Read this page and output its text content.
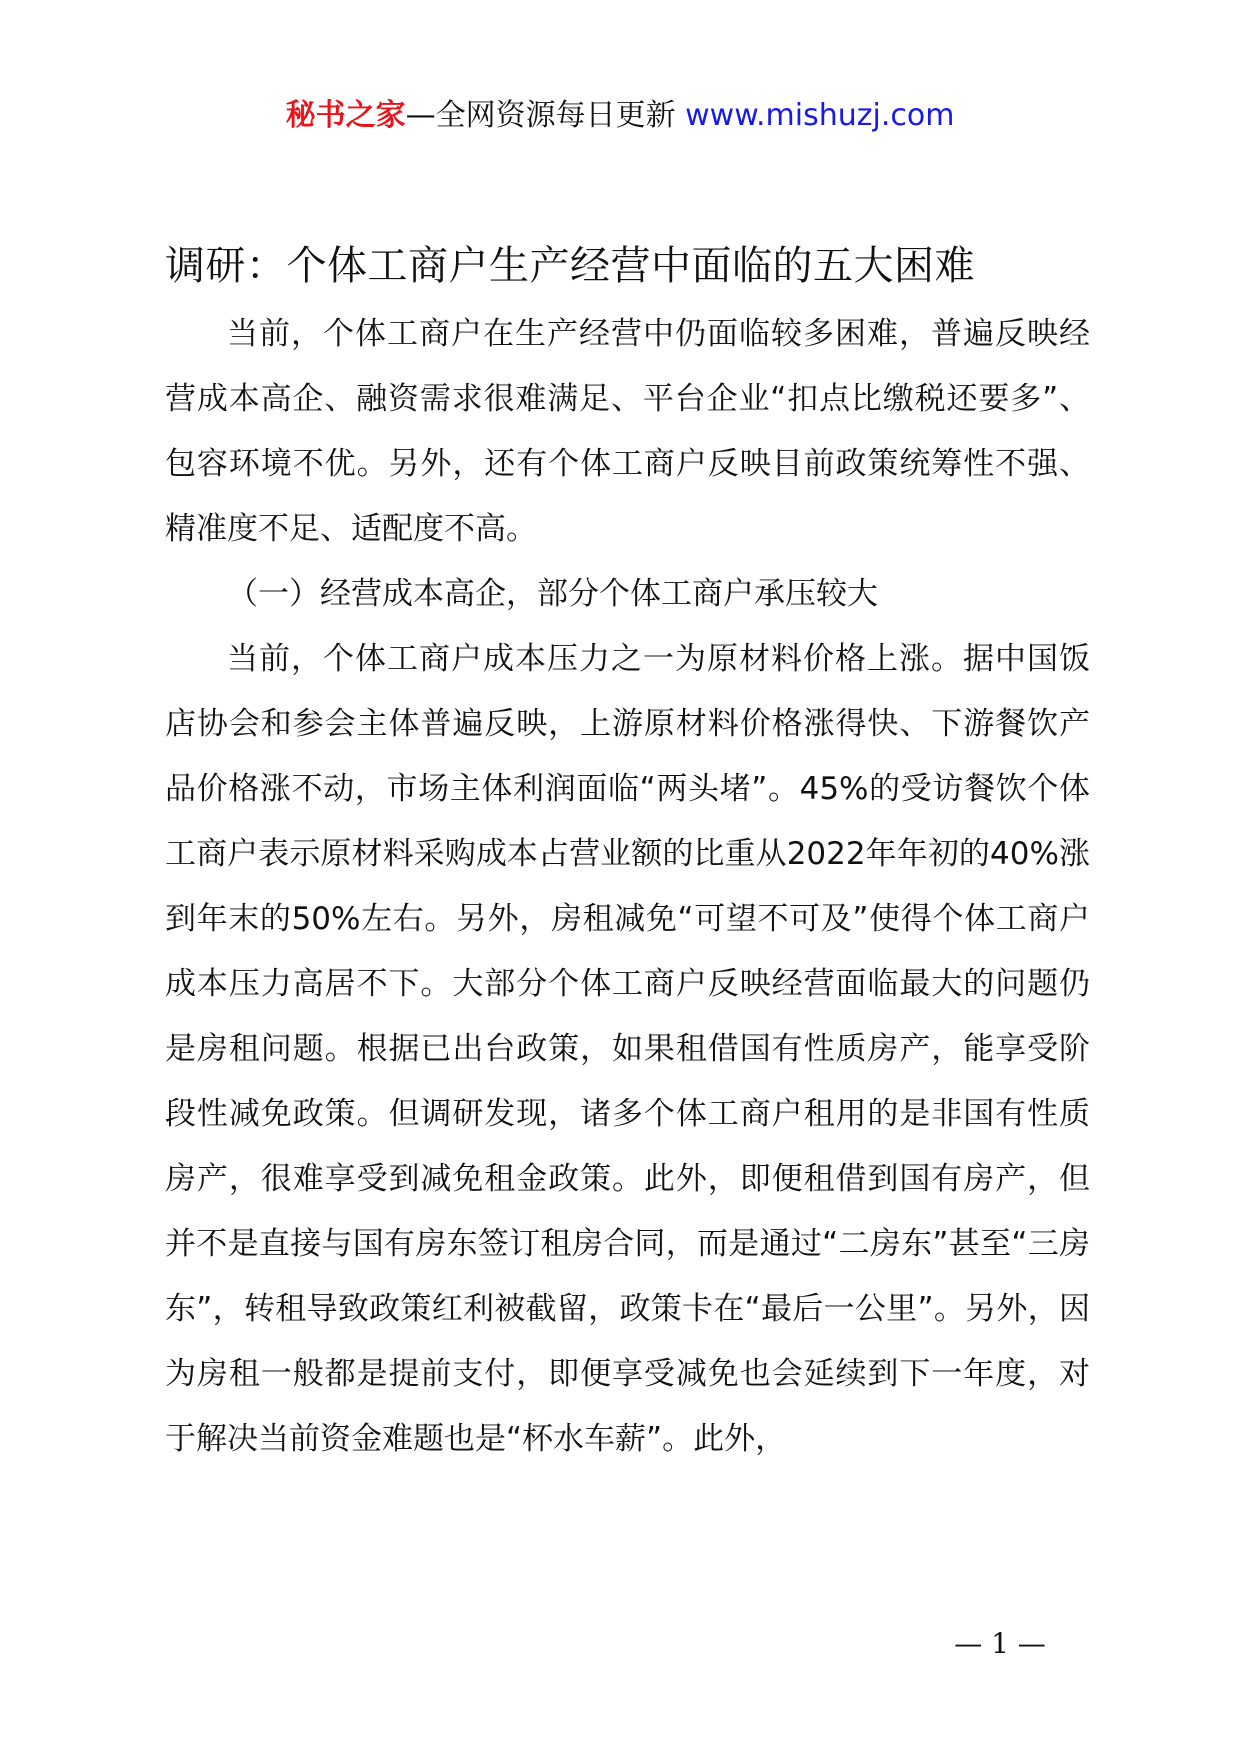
秘书之家—全网资源每日更新 www.mishuzj.com
调研：个体工商户生产经营中面临的五大困难

当前，个体工商户在生产经营中仍面临较多困难，普遍反映经营成本高企、融资需求很难满足、平台企业“扣点比缴税还要多”、包容环境不优。另外，还有个体工商户反映目前政策统筹性不强、精准度不足、适配度不高。

（一）经营成本高企，部分个体工商户承压较大

当前，个体工商户成本压力之一为原材料价格上涨。据中国饭店协会和参会主体普遍反映，上游原材料价格涨得快、下游餐饮产品价格涨不动，市场主体利润面临“两头堵”。45%的受访餐饮个体工商户表示原材料采购成本占营业额的比重从2022年年初的40%涨到年末的50%左右。另外，房租减免“可望不可及”使得个体工商户成本压力高居不下。大部分个体工商户反映经营面临最大的问题仍是房租问题。根据已出台政策，如果租借国有性质房产，能享受阶段性减免政策。但调研发现，诸多个体工商户租用的是非国有性质房产，很难享受到减免租金政策。此外，即便租借到国有房产，但并不是直接与国有房东签订租房合同，而是通过“二房东”甚至“三房东”，转租导致政策红利被截留，政策卡在“最后一公里”。另外，因为房租一般都是提前支付，即便享受减免也会延续到下一年度，对于解决当前资金难题也是“杯水车薪”。此外，

— 1 —
